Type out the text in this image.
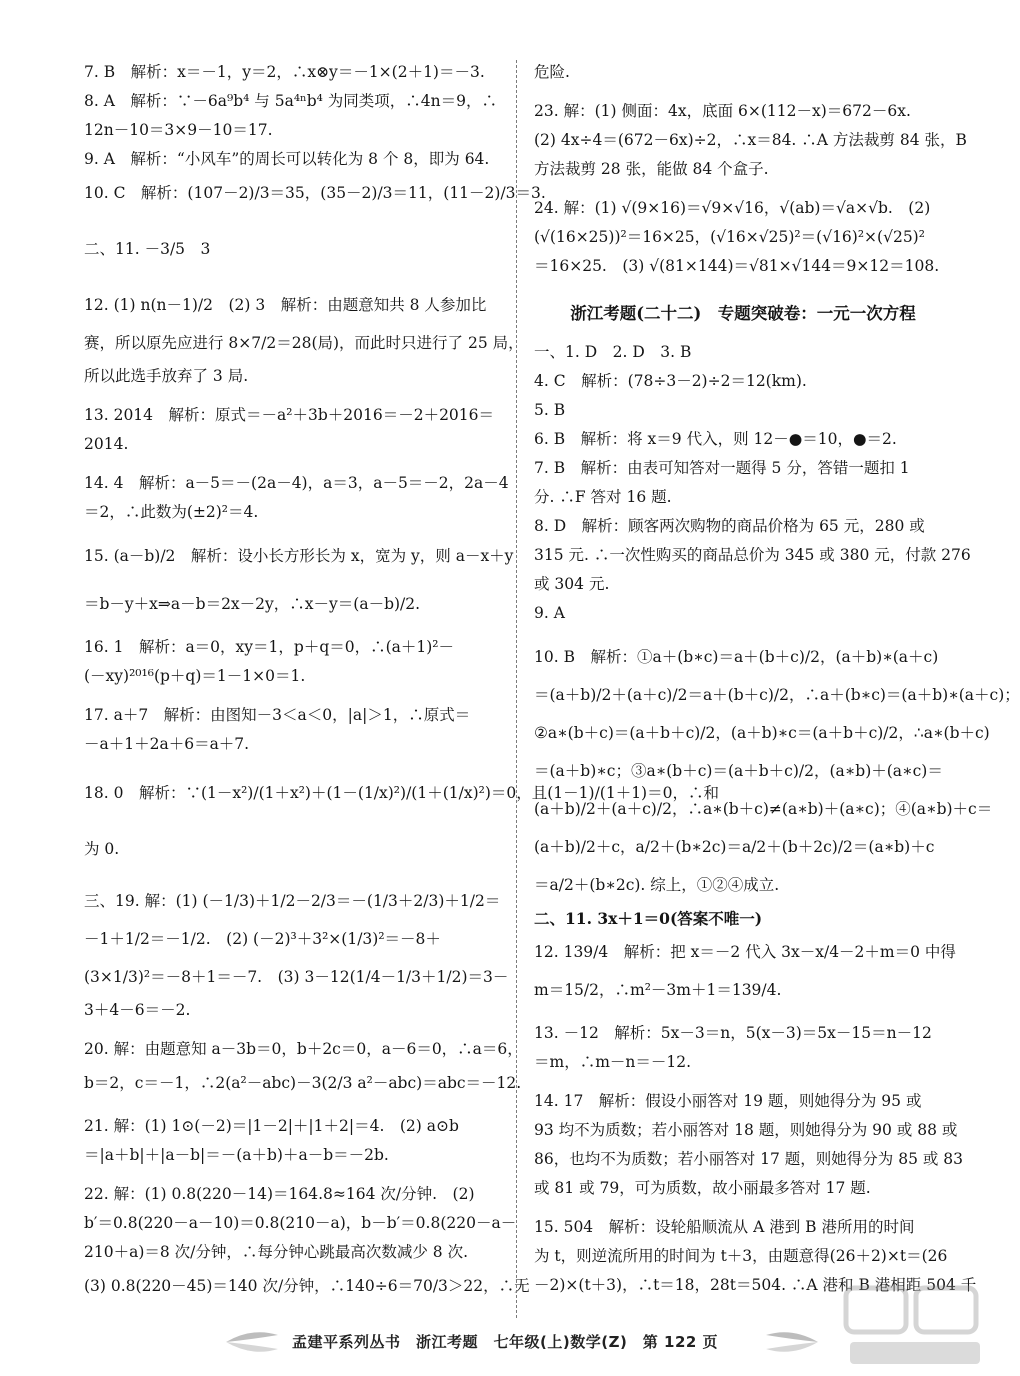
7. B　解析：x＝－1，y＝2，∴x⊗y＝－1×(2＋1)＝－3.
8. A　解析：∵－6a⁹b⁴ 与 5a⁴ⁿb⁴ 为同类项，∴4n＝9，∴
12n－10＝3×9－10＝17.
9. A　解析：“小风车”的周长可以转化为 8 个 8，即为 64.
10. C　解析：(107－2)/3＝35，(35－2)/3＝11，(11－2)/3＝3.
二、11. －3/5　3
12. (1) n(n－1)/2　(2) 3　解析：由题意知共 8 人参加比
赛，所以原先应进行 8×7/2＝28(局)，而此时只进行了 25 局，
所以此选手放弃了 3 局.
13. 2014　解析：原式＝－a²＋3b＋2016＝－2＋2016＝
2014.
14. 4　解析：a－5＝－(2a－4)，a＝3，a－5＝－2，2a－4
＝2，∴此数为(±2)²＝4.
15. (a－b)/2　解析：设小长方形长为 x，宽为 y，则 a－x＋y
＝b－y＋x⇒a－b＝2x－2y，∴x－y＝(a－b)/2.
16. 1　解析：a＝0，xy＝1，p＋q＝0，∴(a＋1)²－
(－xy)²⁰¹⁶(p＋q)＝1－1×0＝1.
17. a＋7　解析：由图知－3＜a＜0，|a|＞1，∴原式＝
－a＋1＋2a＋6＝a＋7.
18. 0　解析：∵(1－x²)/(1＋x²)＋(1－(1/x)²)/(1＋(1/x)²)＝0，且(1－1)/(1＋1)＝0，∴和
为 0.
三、19. 解：(1) (－1/3)＋1/2－2/3＝－(1/3＋2/3)＋1/2＝
－1＋1/2＝－1/2.　(2) (－2)³＋3²×(1/3)²＝－8＋
(3×1/3)²＝－8＋1＝－7.　(3) 3－12(1/4－1/3＋1/2)＝3－
3＋4－6＝－2.
20. 解：由题意知 a－3b＝0，b＋2c＝0，a－6＝0，∴a＝6，
b＝2，c＝－1，∴2(a²－abc)－3(2/3 a²－abc)＝abc＝－12.
21. 解：(1) 1⊙(－2)＝|1－2|＋|1＋2|＝4.　(2) a⊙b
＝|a＋b|＋|a－b|＝－(a＋b)＋a－b＝－2b.
22. 解：(1) 0.8(220－14)＝164.8≈164 次/分钟.　(2)
b′＝0.8(220－a－10)＝0.8(210－a)，b－b′＝0.8(220－a－
210＋a)＝8 次/分钟，∴每分钟心跳最高次数减少 8 次.
(3) 0.8(220－45)＝140 次/分钟，∴140÷6＝70/3＞22，∴无
危险.
23. 解：(1) 侧面：4x，底面 6×(112－x)＝672－6x.
(2) 4x÷4＝(672－6x)÷2，∴x＝84. ∴A 方法裁剪 84 张，B
方法裁剪 28 张，能做 84 个盒子.
24. 解：(1) √(9×16)＝√9×√16，√(ab)＝√a×√b.　(2)
(√(16×25))²＝16×25，(√16×√25)²＝(√16)²×(√25)²
＝16×25.　(3) √(81×144)＝√81×√144＝9×12＝108.
浙江考题(二十二)　专题突破卷：一元一次方程
一、1. D　2. D　3. B
4. C　解析：(78÷3－2)÷2＝12(km).
5. B
6. B　解析：将 x＝9 代入，则 12－●＝10，●＝2.
7. B　解析：由表可知答对一题得 5 分，答错一题扣 1
分. ∴F 答对 16 题.
8. D　解析：顾客两次购物的商品价格为 65 元，280 或
315 元. ∴一次性购买的商品总价为 345 或 380 元，付款 276
或 304 元.
9. A
10. B　解析：①a＋(b∗c)＝a＋(b＋c)/2，(a＋b)∗(a＋c)
＝(a＋b)/2＋(a＋c)/2＝a＋(b＋c)/2，∴a＋(b∗c)＝(a＋b)∗(a＋c)；
②a∗(b＋c)＝(a＋b＋c)/2，(a＋b)∗c＝(a＋b＋c)/2，∴a∗(b＋c)
＝(a＋b)∗c；③a∗(b＋c)＝(a＋b＋c)/2，(a∗b)＋(a∗c)＝
(a＋b)/2＋(a＋c)/2，∴a∗(b＋c)≠(a∗b)＋(a∗c)；④(a∗b)＋c＝
(a＋b)/2＋c，a/2＋(b∗2c)＝a/2＋(b＋2c)/2＝(a∗b)＋c
＝a/2＋(b∗2c). 综上，①②④成立.
二、11. 3x＋1＝0(答案不唯一)
12. 139/4　解析：把 x＝－2 代入 3x－x/4－2＋m＝0 中得
m＝15/2，∴m²－3m＋1＝139/4.
13. －12　解析：5x－3＝n，5(x－3)＝5x－15＝n－12
＝m，∴m－n＝－12.
14. 17　解析：假设小丽答对 19 题，则她得分为 95 或
93 均不为质数；若小丽答对 18 题，则她得分为 90 或 88 或
86，也均不为质数；若小丽答对 17 题，则她得分为 85 或 83
或 81 或 79，可为质数，故小丽最多答对 17 题.
15. 504　解析：设轮船顺流从 A 港到 B 港所用的时间
为 t，则逆流所用的时间为 t＋3，由题意得(26＋2)×t＝(26
－2)×(t＋3)，∴t＝18，28t＝504. ∴A 港和 B 港相距 504 千
孟建平系列丛书　浙江考题　七年级(上)数学(Z)　第 122 页
